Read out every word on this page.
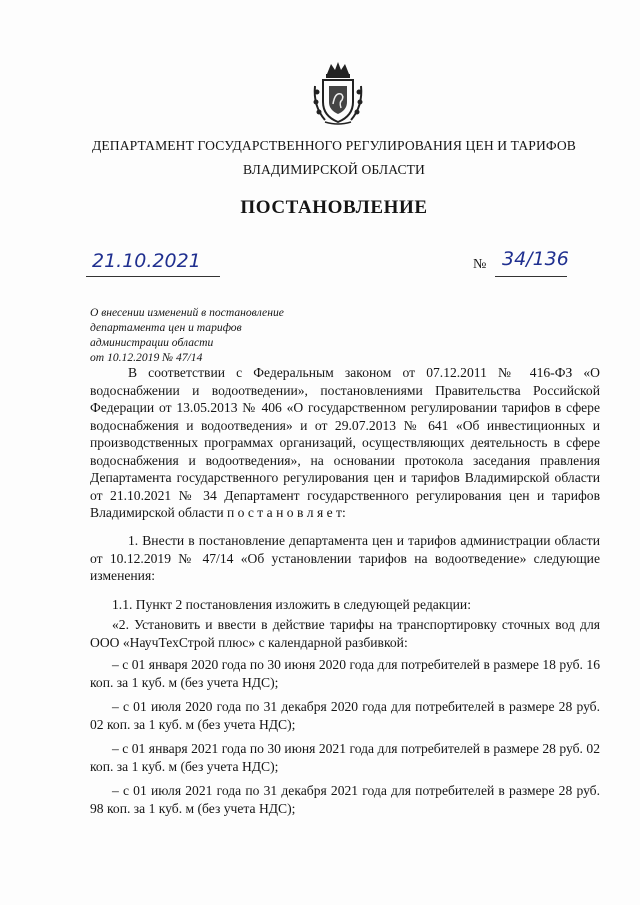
ДЕПАРТАМЕНТ ГОСУДАРСТВЕННОГО РЕГУЛИРОВАНИЯ ЦЕН И ТАРИФОВ
ВЛАДИМИРСКОЙ ОБЛАСТИ
ПОСТАНОВЛЕНИЕ
21.10.2021	№ 34/136
О внесении изменений в постановление
департамента цен и тарифов
администрации области
от 10.12.2019 № 47/14
В соответствии с Федеральным законом от 07.12.2011 № 416-ФЗ «О водоснабжении и водоотведении», постановлениями Правительства Российской Федерации от 13.05.2013 № 406 «О государственном регулировании тарифов в сфере водоснабжения и водоотведения» и от 29.07.2013 № 641 «Об инвестиционных и производственных программах организаций, осуществляющих деятельность в сфере водоснабжения и водоотведения», на основании протокола заседания правления Департамента государственного регулирования цен и тарифов Владимирской области от 21.10.2021 № 34 Департамент государственного регулирования цен и тарифов Владимирской области п о с т а н о в л я е т:
1. Внести в постановление департамента цен и тарифов администрации области от 10.12.2019 № 47/14 «Об установлении тарифов на водоотведение» следующие изменения:
1.1. Пункт 2 постановления изложить в следующей редакции:
«2. Установить и ввести в действие тарифы на транспортировку сточных вод для ООО «НаучТехСтрой плюс» с календарной разбивкой:
– с 01 января 2020 года по 30 июня 2020 года для потребителей в размере 18 руб. 16 коп. за 1 куб. м (без учета НДС);
– с 01 июля 2020 года по 31 декабря 2020 года для потребителей в размере 28 руб. 02 коп. за 1 куб. м (без учета НДС);
– с 01 января 2021 года по 30 июня 2021 года для потребителей в размере 28 руб. 02 коп. за 1 куб. м (без учета НДС);
– с 01 июля 2021 года по 31 декабря 2021 года для потребителей в размере 28 руб. 98 коп. за 1 куб. м (без учета НДС);
